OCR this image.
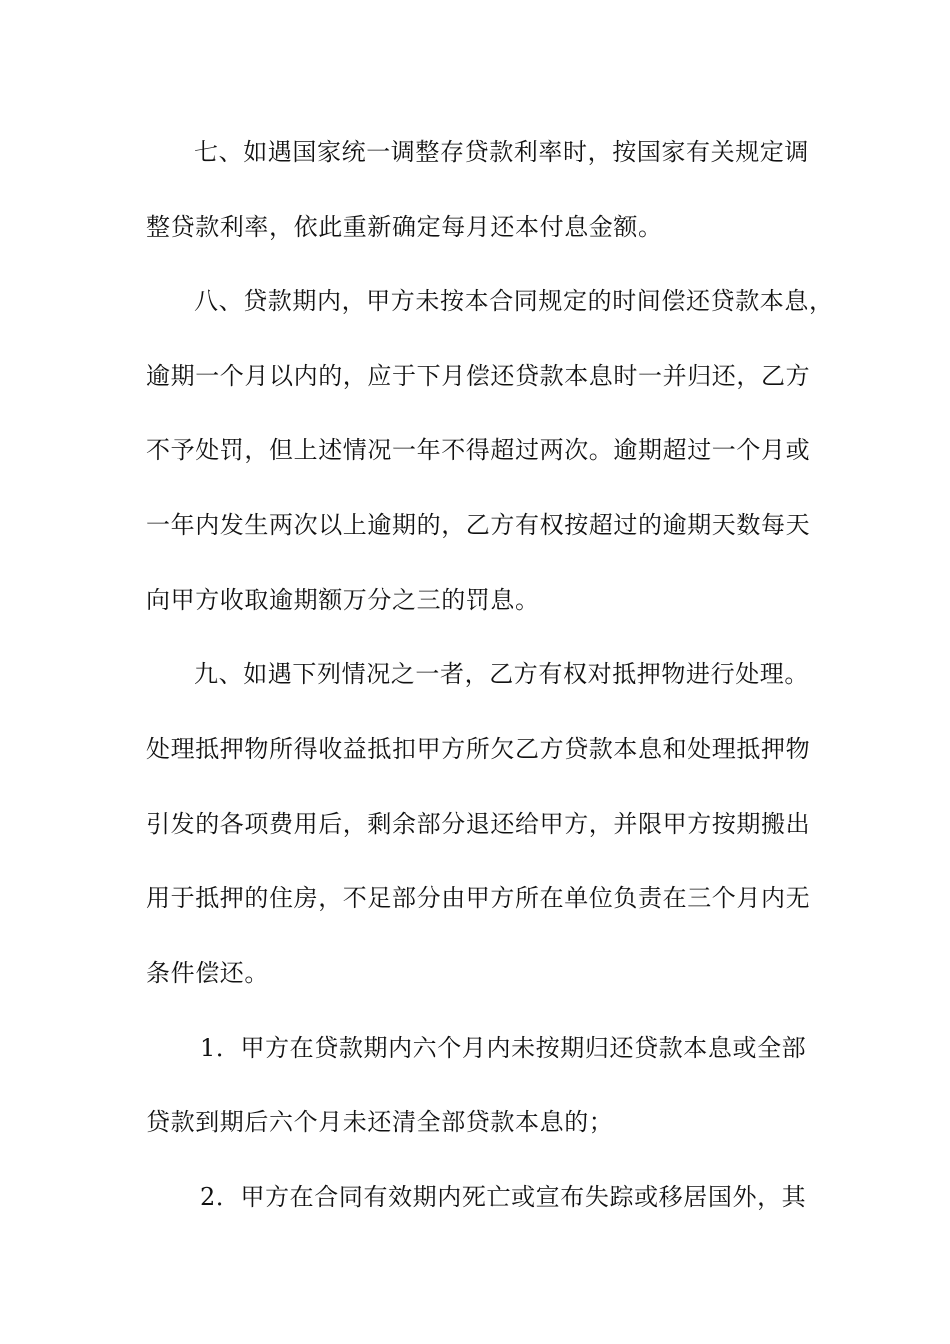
七、如遇国家统一调整存贷款利率时，按国家有关规定调
整贷款利率，依此重新确定每月还本付息金额。
八、贷款期内，甲方未按本合同规定的时间偿还贷款本息，
逾期一个月以内的，应于下月偿还贷款本息时一并归还，乙方
不予处罚，但上述情况一年不得超过两次。逾期超过一个月或
一年内发生两次以上逾期的，乙方有权按超过的逾期天数每天
向甲方收取逾期额万分之三的罚息。
九、如遇下列情况之一者，乙方有权对抵押物进行处理。
处理抵押物所得收益抵扣甲方所欠乙方贷款本息和处理抵押物
引发的各项费用后，剩余部分退还给甲方，并限甲方按期搬出
用于抵押的住房，不足部分由甲方所在单位负责在三个月内无
条件偿还。
1．甲方在贷款期内六个月内未按期归还贷款本息或全部
贷款到期后六个月未还清全部贷款本息的；
2．甲方在合同有效期内死亡或宣布失踪或移居国外，其
